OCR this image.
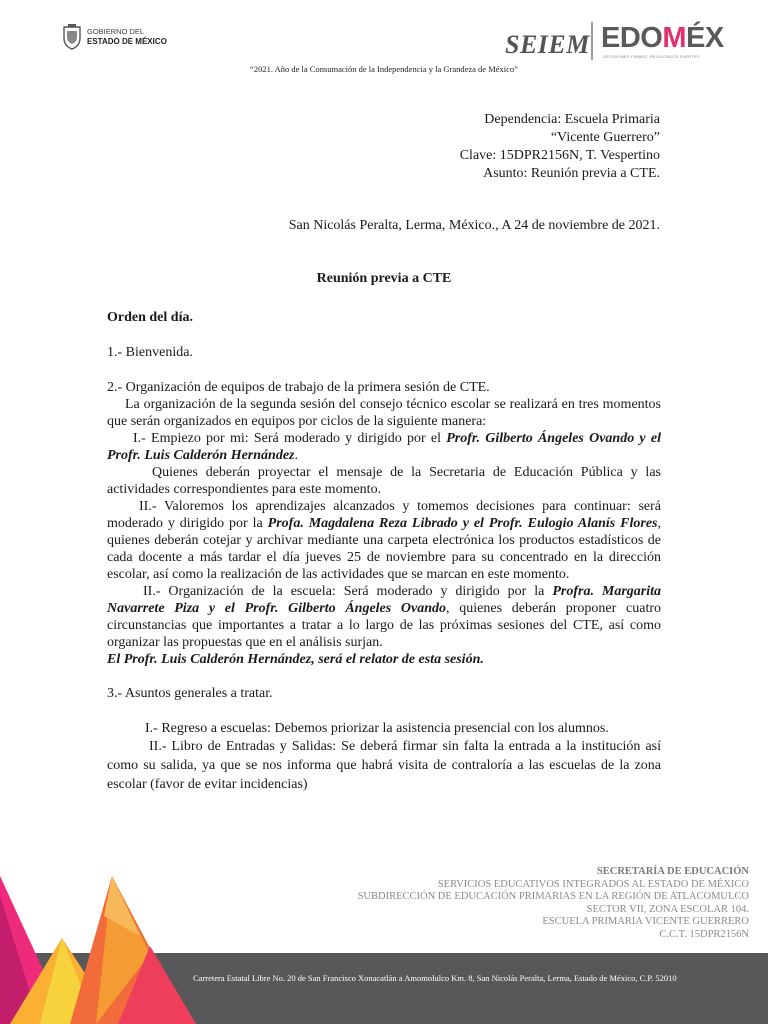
GOBIERNO DEL
ESTADO DE MÉXICO	SEIEM EDOMÉX
DECISIONES FIRMES, RESULTADOS FUERTES
“2021. Año de la Consumación de la Independencia y la Grandeza de México”
Dependencia: Escuela Primaria
“Vicente Guerrero”
Clave: 15DPR2156N, T. Vespertino
Asunto: Reunión previa a CTE.
San Nicolás Peralta, Lerma, México., A 24 de noviembre de 2021.
Reunión previa a CTE

Orden del día.

1.- Bienvenida.

2.- Organización de equipos de trabajo de la primera sesión de CTE.

La organización de la segunda sesión del consejo técnico escolar se realizará en tres momentos que serán organizados en equipos por ciclos de la siguiente manera:

I.- Empiezo por mi: Será moderado y dirigido por el Profr. Gilberto Ángeles Ovando y el Profr. Luis Calderón Hernández.

Quienes deberán proyectar el mensaje de la Secretaria de Educación Pública y las actividades correspondientes para este momento.

II.- Valoremos los aprendizajes alcanzados y tomemos decisiones para continuar: será moderado y dirigido por la Profa. Magdalena Reza Librado y el Profr. Eulogio Alanís Flores, quienes deberán cotejar y archivar mediante una carpeta electrónica los productos estadísticos de cada docente a más tardar el día jueves 25 de noviembre para su concentrado en la dirección escolar, así como la realización de las actividades que se marcan en este momento.

II.- Organización de la escuela: Será moderado y dirigido por la Profra. Margarita Navarrete Piza y el Profr. Gilberto Ángeles Ovando, quienes deberán proponer cuatro circunstancias que importantes a tratar a lo largo de las próximas sesiones del CTE, así como organizar las propuestas que en el análisis surjan.

El Profr. Luis Calderón Hernández, será el relator de esta sesión.

3.- Asuntos generales a tratar.

I.- Regreso a escuelas: Debemos priorizar la asistencia presencial con los alumnos.

II.- Libro de Entradas y Salidas: Se deberá firmar sin falta la entrada a la institución así como su salida, ya que se nos informa que habrá visita de contraloría a las escuelas de la zona escolar (favor de evitar incidencias)

SECRETARÍA DE EDUCACIÓN
SERVICIOS EDUCATIVOS INTEGRADOS AL ESTADO DE MÉXICO
SUBDIRECCIÓN DE EDUCACIÓN PRIMARIAS EN LA REGIÓN DE ATLACOMULCO
SECTOR VII, ZONA ESCOLAR 104.
ESCUELA PRIMARIA VICENTE GUERRERO
C.C.T. 15DPR2156N
Carretera Estatal Libre No. 20 de San Francisco Xonacatlán a Amomolulco Km. 8, San Nicolás Peralta, Lerma, Estado de México, C.P. 52010
